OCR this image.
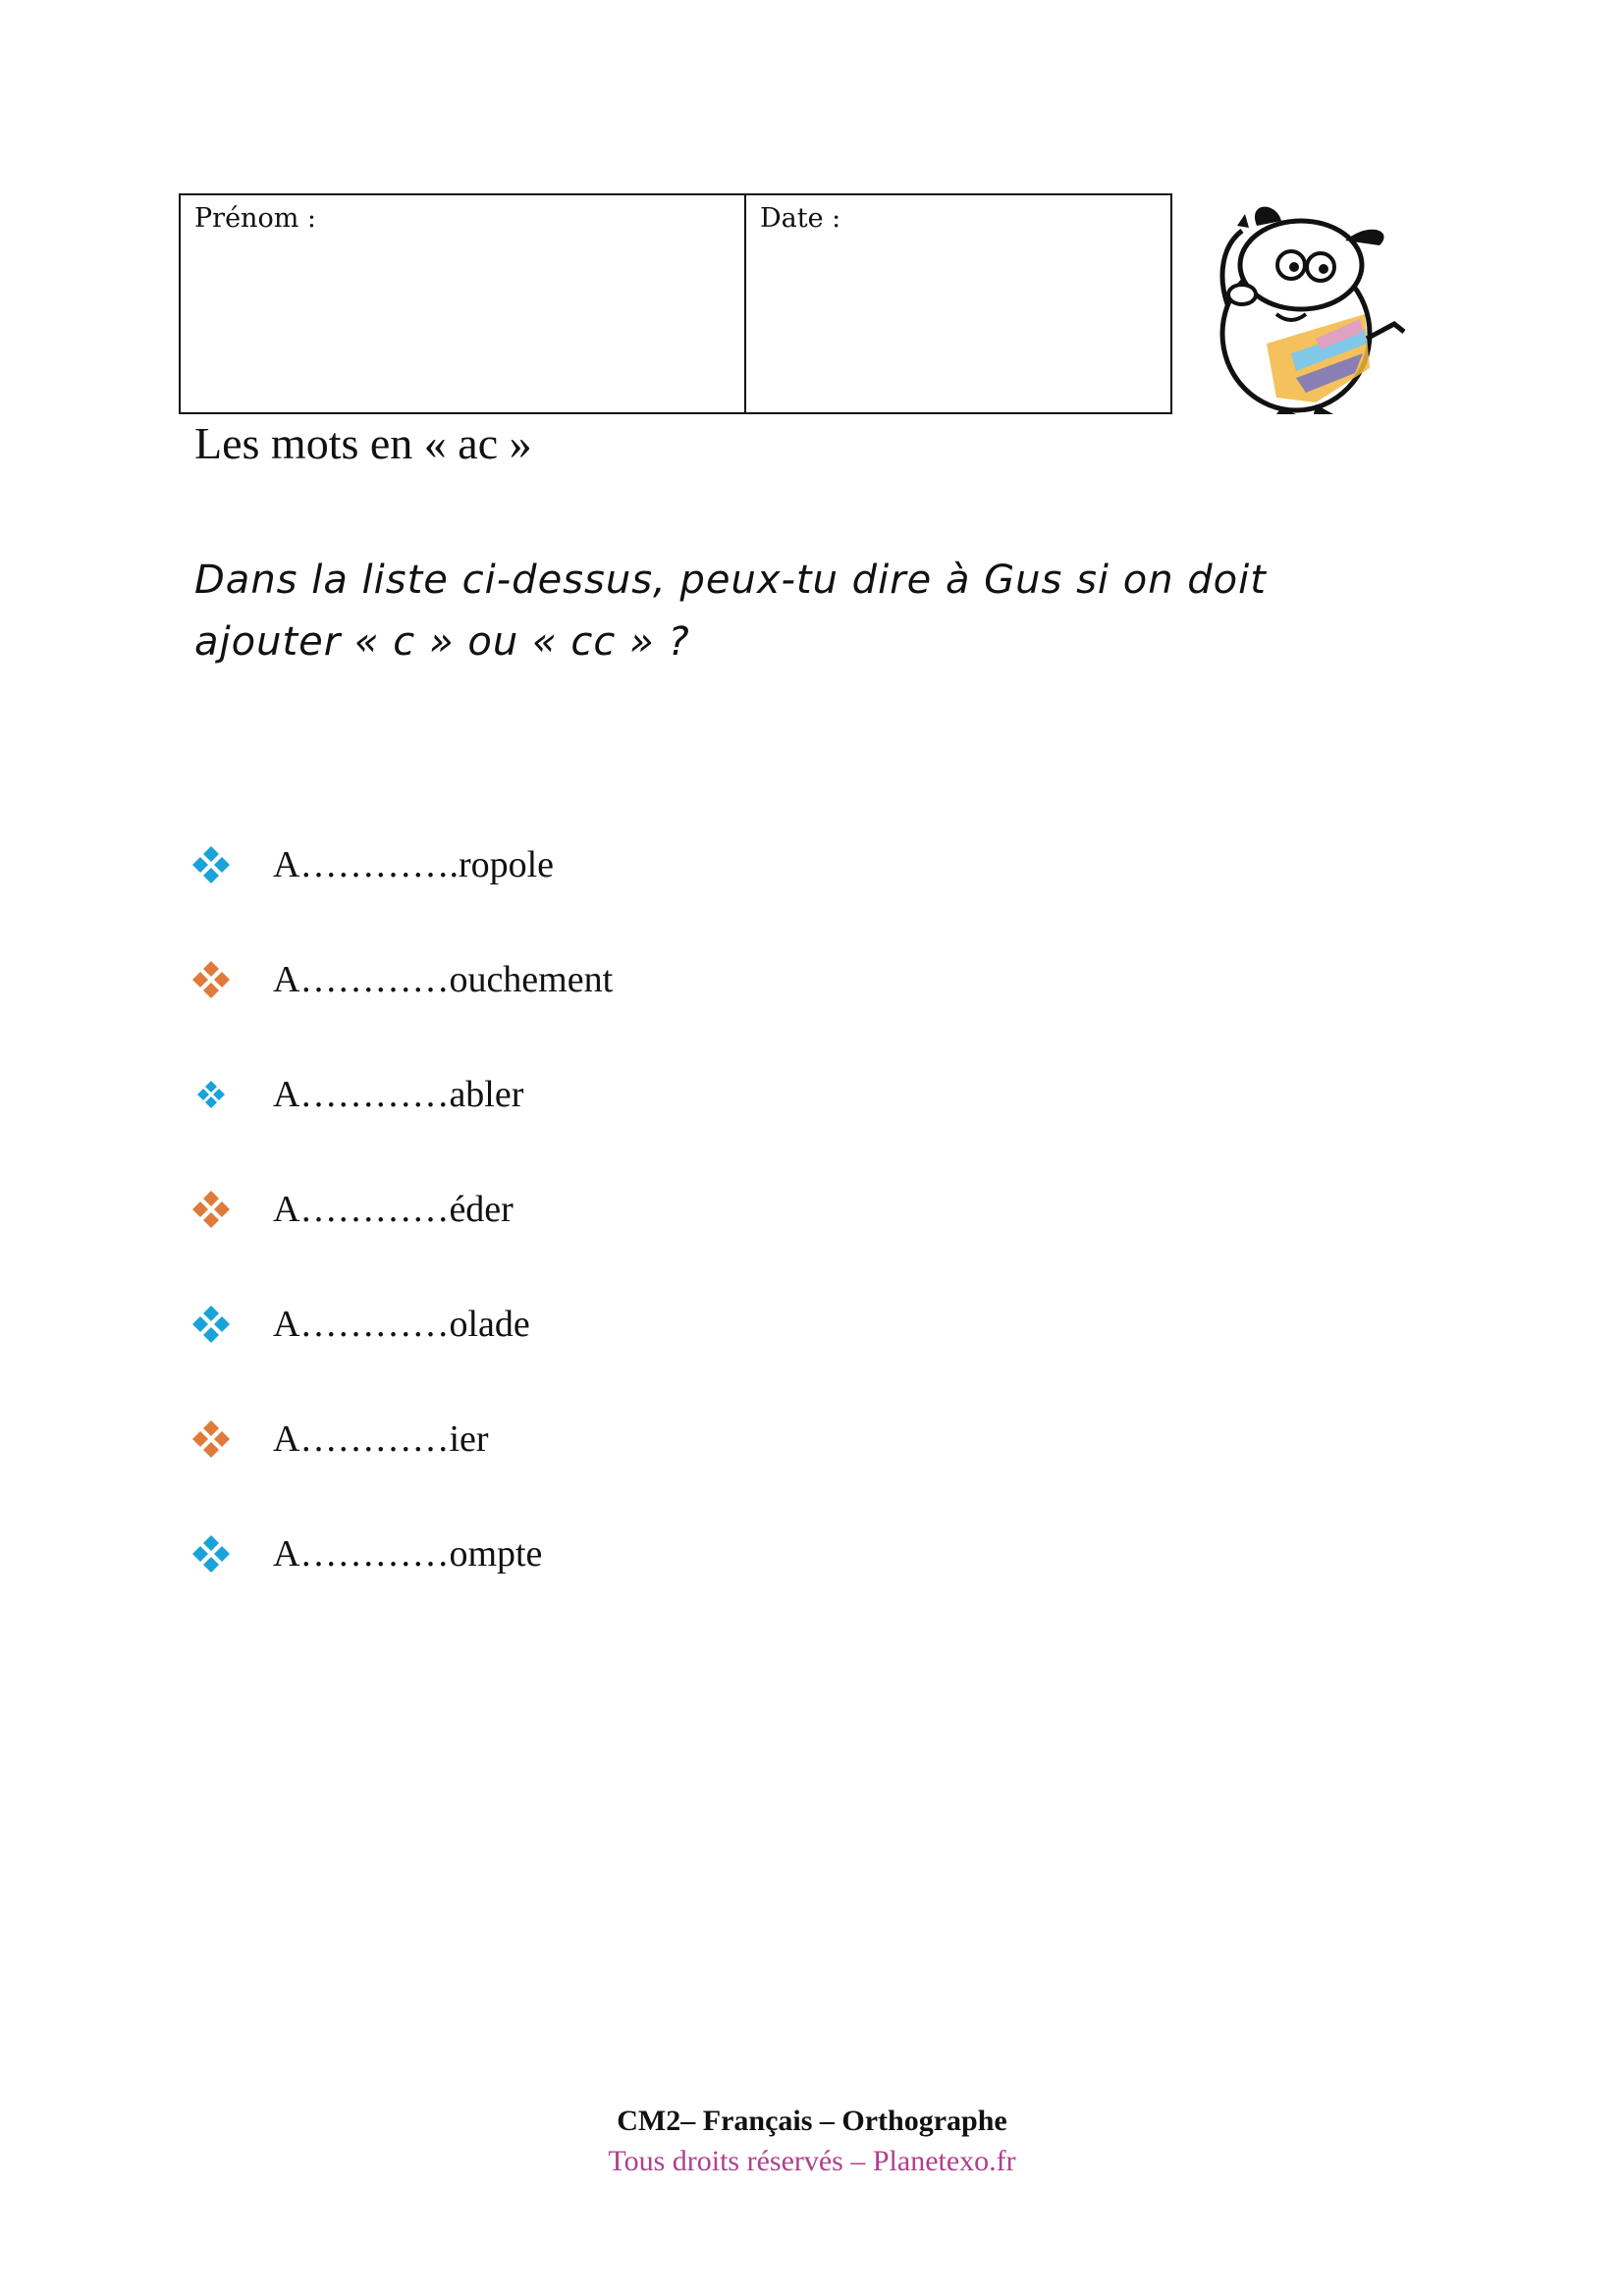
Prénom :	Date :
Les mots en « ac »

Dans la liste ci-dessus, peux-tu dire à Gus si on doit ajouter « c » ou « cc » ?

A………….ropole
A…………ouchement
A…………abler
A…………éder
A…………olade
A…………ier
A…………ompte
CM2– Français – Orthographe
Tous droits réservés – Planetexo.fr
